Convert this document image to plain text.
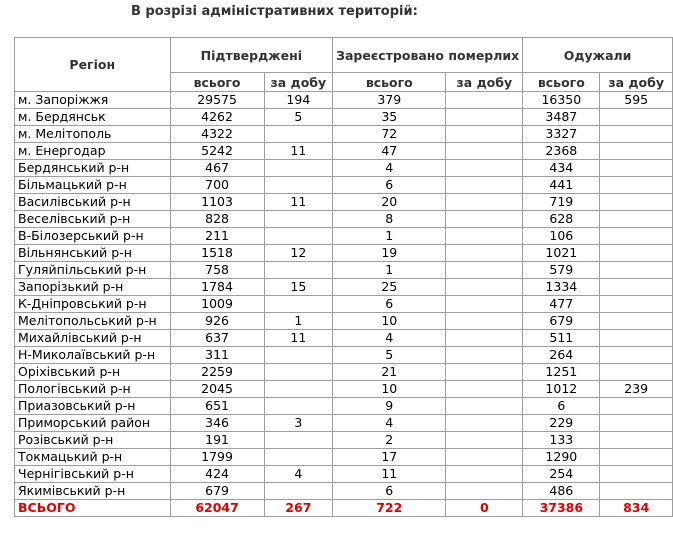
В розрізі адміністративних територій:
Регіон	Підтверджені		Зареєстровано померлих		Одужали	
	всього	за добу	всього	за добу	всього	за добу
м. Запоріжжя	29575	194	379		16350	595
м. Бердянськ	4262	5	35		3487	
м. Мелітополь	4322		72		3327	
м. Енергодар	5242	11	47		2368	
Бердянський р-н	467		4		434	
Більмацький р-н	700		6		441	
Василівський р-н	1103	11	20		719	
Веселівський р-н	828		8		628	
В-Білозерський р-н	211		1		106	
Вільнянський р-н	1518	12	19		1021	
Гуляйпільський р-н	758		1		579	
Запорізький р-н	1784	15	25		1334	
К-Дніпровський р-н	1009		6		477	
Мелітопольський р-н	926	1	10		679	
Михайлівський р-н	637	11	4		511	
Н-Миколаївський р-н	311		5		264	
Оріхівський р-н	2259		21		1251	
Пологівський р-н	2045		10		1012	239
Приазовський р-н	651		9		6	
Приморський район	346	3	4		229	
Розівський р-н	191		2		133	
Токмацький р-н	1799		17		1290	
Чернігівський р-н	424	4	11		254	
Якимівський р-н	679		6		486	
ВСЬОГО	62047	267	722	0	37386	834
